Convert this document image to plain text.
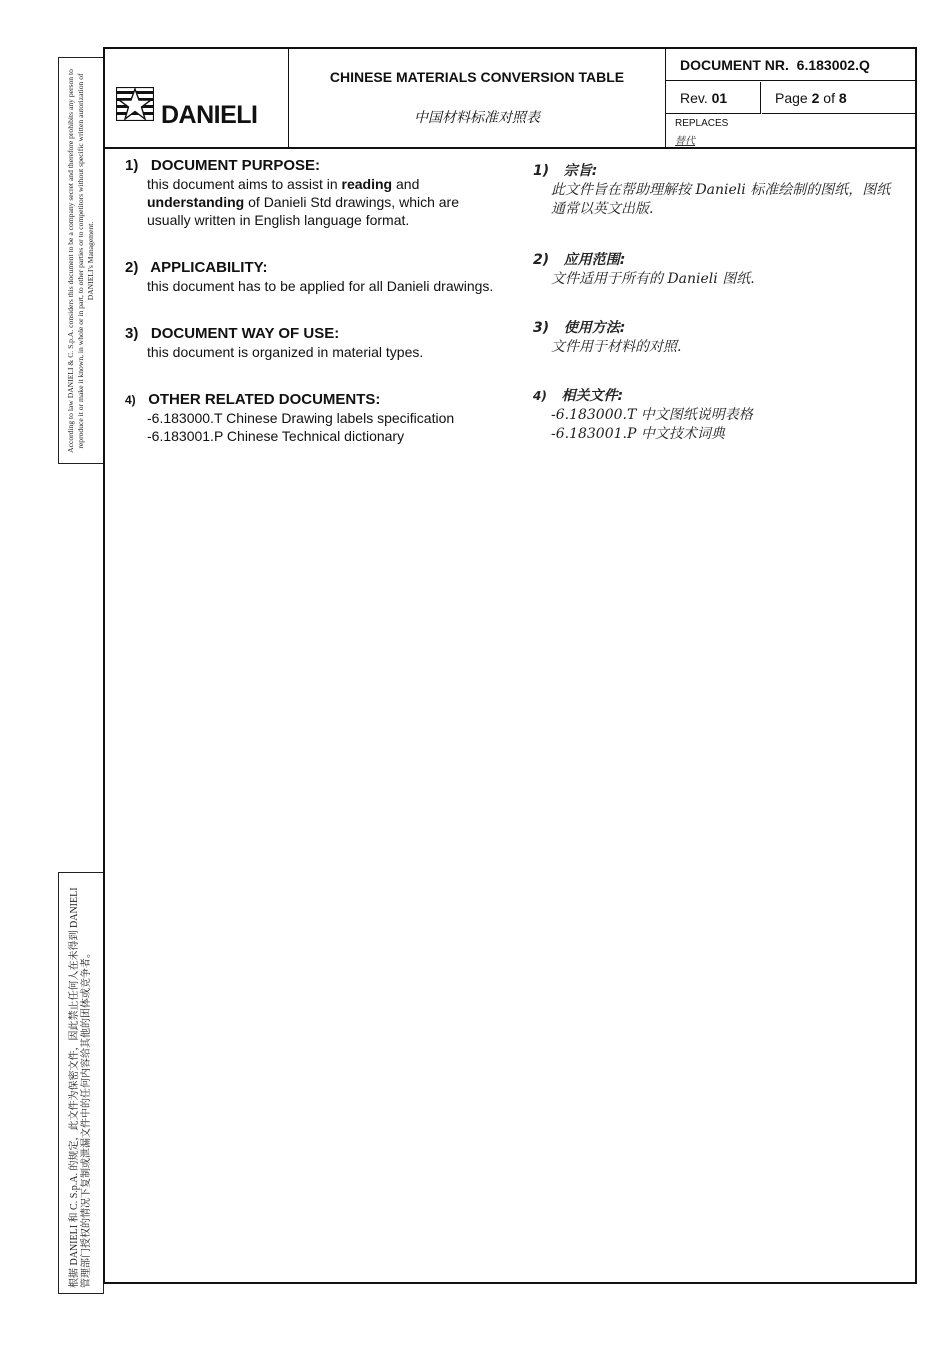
According to law DANIELI & C. S.p.A. considers this document to be a company secret and therefore prohibits any person to reproduce it or make it known, in whole or in part, to other parties or to competitors without specific written autorization of DANIELI's Management.
根据 DANIELI 和 C. S.p.A. 的规定，此文件为保密文件，因此禁止任何人在未得到 DANIELI 管理部门授权的情况下复制或泄漏文件中的任何内容给其他的团体或竞争者。
DANIELI
CHINESE MATERIALS CONVERSION TABLE
中国材料标准对照表
DOCUMENT NR. 6.183002.Q
Rev. 01	Page 2 of 8
REPLACES
替代
1) DOCUMENT PURPOSE:
this document aims to assist in reading and understanding of Danieli Std drawings, which are usually written in English language format.
2) APPLICABILITY:
this document has to be applied for all Danieli drawings.
3) DOCUMENT WAY OF USE:
this document is organized in material types.
4) OTHER RELATED DOCUMENTS:
-6.183000.T Chinese Drawing labels specification
-6.183001.P Chinese Technical dictionary
1) 宗旨:
此文件旨在帮助理解按 Danieli 标准绘制的图纸，图纸通常以英文出版.
2) 应用范围:
文件适用于所有的 Danieli 图纸.
3) 使用方法:
文件用于材料的对照.
4) 相关文件:
-6.183000.T 中文图纸说明表格
-6.183001.P 中文技术词典
